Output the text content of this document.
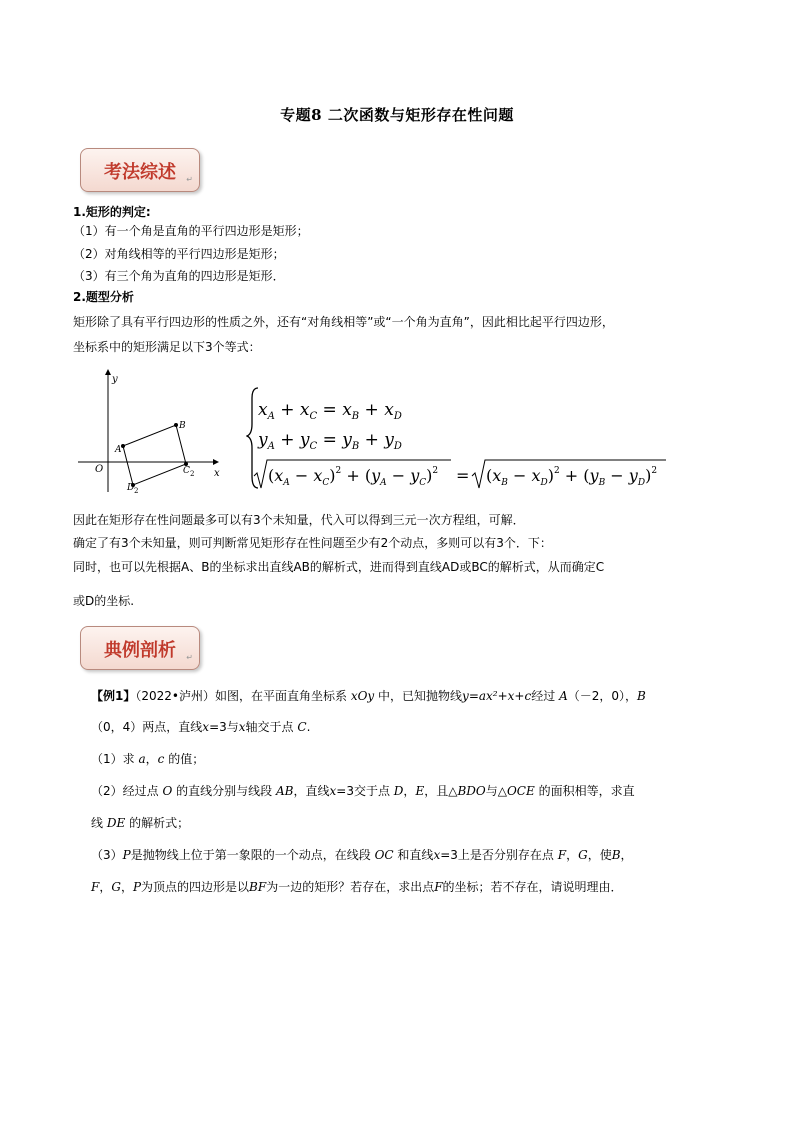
专题8 二次函数与矩形存在性问题
考法综述	↵
1.矩形的判定:
（1）有一个角是直角的平行四边形是矩形；
（2）对角线相等的平行四边形是矩形；
（3）有三个角为直角的四边形是矩形．
2.题型分析
矩形除了具有平行四边形的性质之外，还有“对角线相等”或“一个角为直角”，因此相比起平行四边形，
坐标系中的矩形满足以下3个等式：
y
x
O
A
B
C 2
D 2
$x_A + x_C = x_B + x_D$
$y_A + y_C = y_B + y_D$
$(x_A - x_C)^2 + (y_A - y_C)^2 = (x_B - x_D)^2 + (y_B - y_D)^2$
因此在矩形存在性问题最多可以有3个未知量，代入可以得到三元一次方程组，可解．
确定了有3个未知量，则可判断常见矩形存在性问题至少有2个动点，多则可以有3个．下：
同时，也可以先根据A、B的坐标求出直线AB的解析式，进而得到直线AD或BC的解析式，从而确定C
或D的坐标.
典例剖析	↵
【例1】（2022•泸州）如图，在平面直角坐标系 xOy 中，已知抛物线y=ax²+x+c经过 A（－2，0），B
（0，4）两点，直线x=3与x轴交于点 C.
（1）求 a，c 的值；
（2）经过点 O 的直线分别与线段 AB，直线x=3交于点 D，E，且△BDO与△OCE 的面积相等，求直
线 DE 的解析式；
（3）P是抛物线上位于第一象限的一个动点，在线段 OC 和直线x=3上是否分别存在点 F，G，使B，
F，G，P为顶点的四边形是以BF为一边的矩形？若存在，求出点F的坐标；若不存在，请说明理由．
